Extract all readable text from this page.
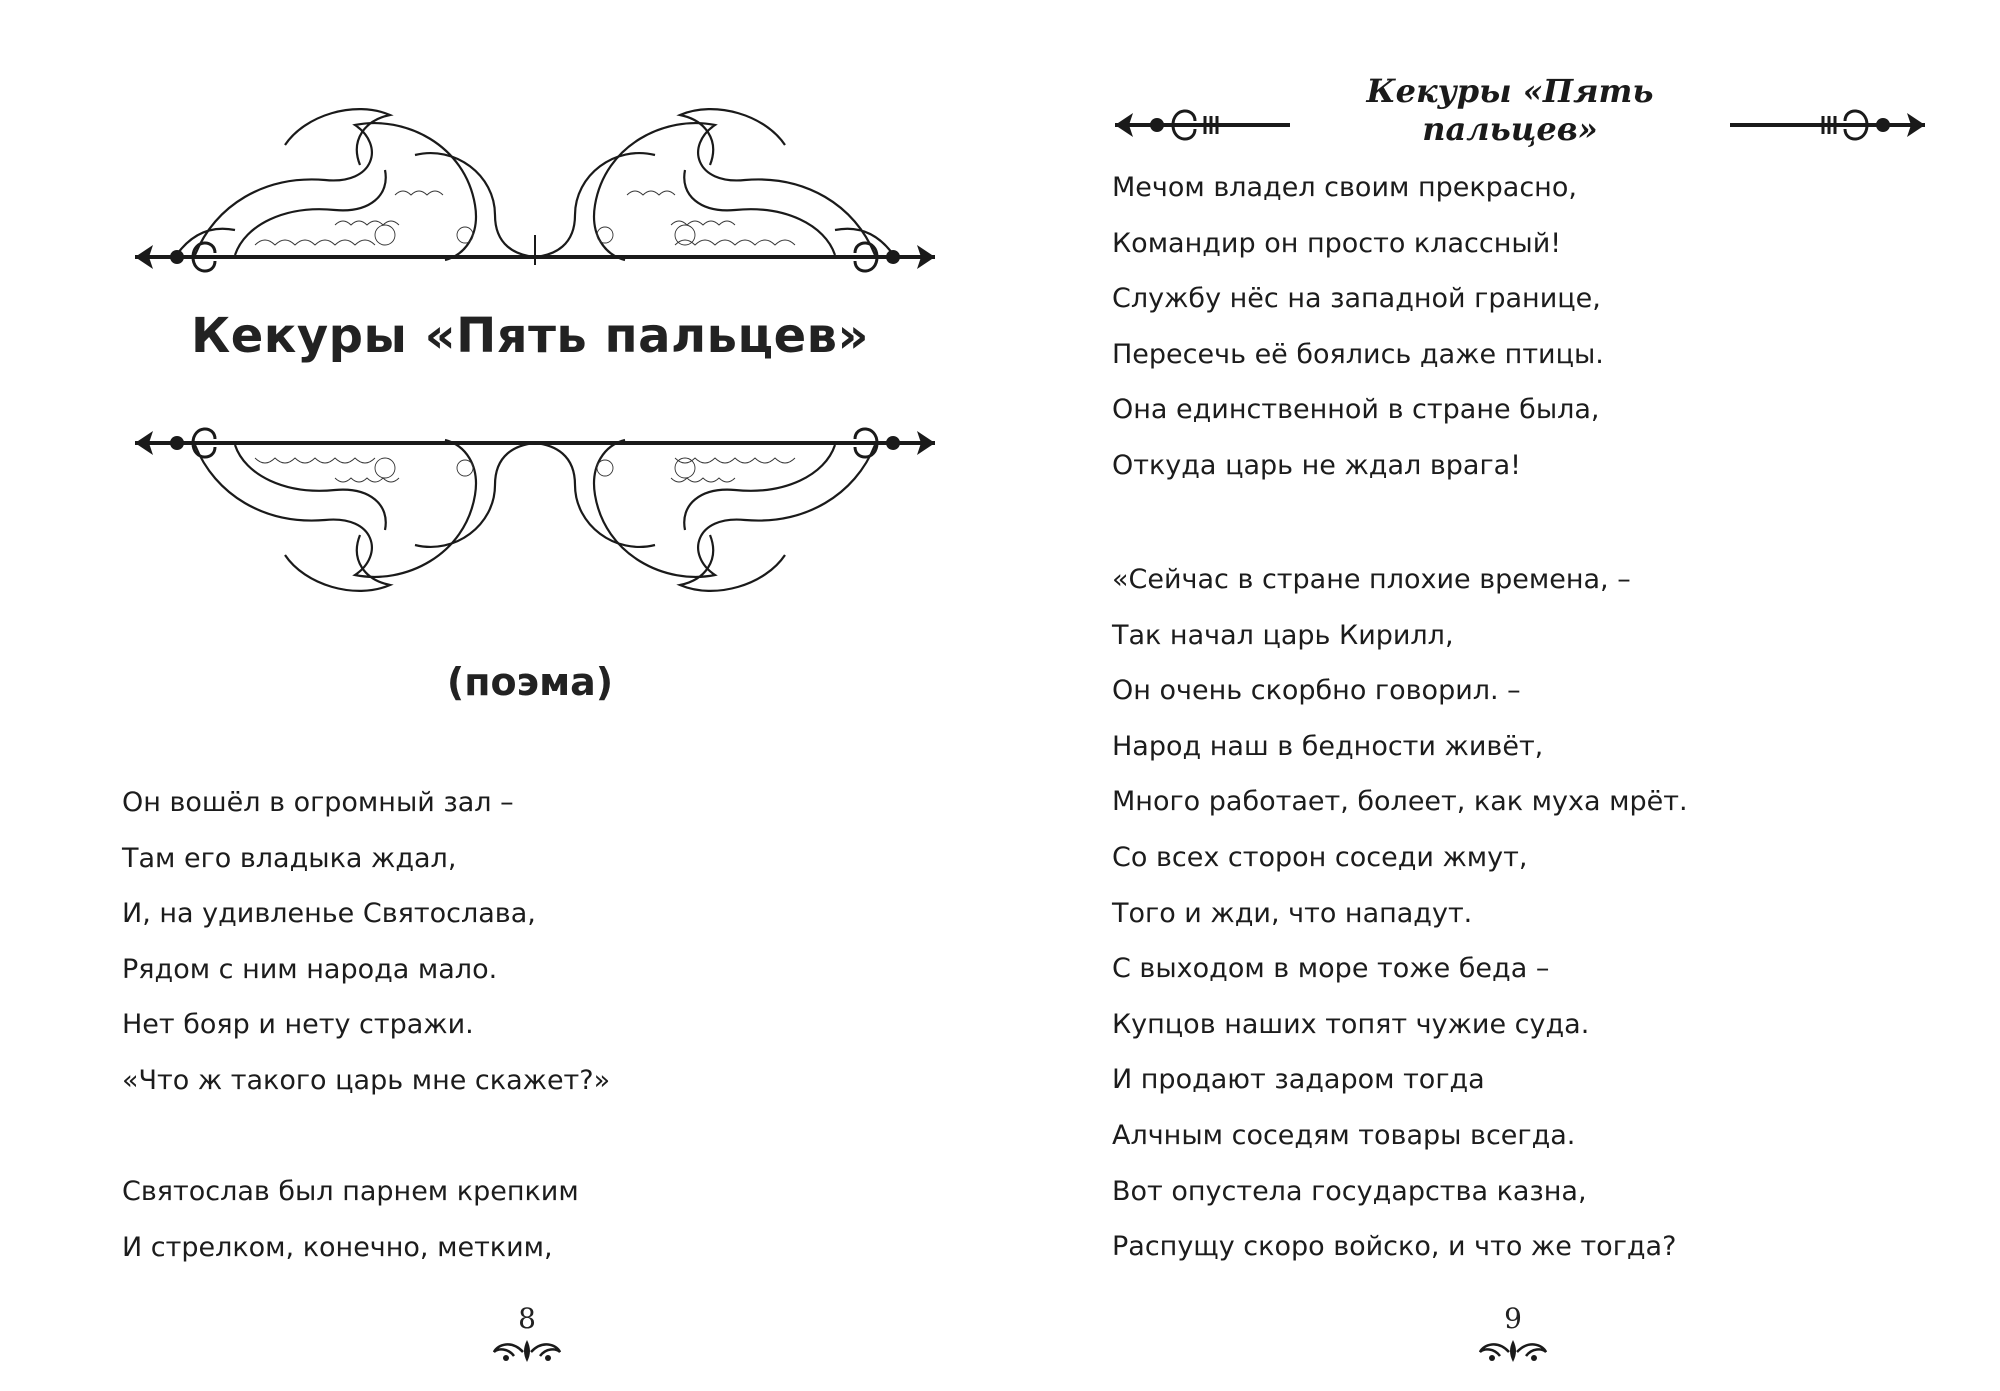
Кекуры «Пять пальцев»
(поэма)
Он вошёл в огромный зал –
Там его владыка ждал,
И, на удивленье Святослава,
Рядом с ним народа мало.
Нет бояр и нету стражи.
«Что ж такого царь мне скажет?»
Святослав был парнем крепким
И стрелком, конечно, метким,
8
Кекуры «Пять пальцев»
Мечом владел своим прекрасно,
Командир он просто классный!
Службу нёс на западной границе,
Пересечь её боялись даже птицы.
Она единственной в стране была,
Откуда царь не ждал врага!
«Сейчас в стране плохие времена, –
Так начал царь Кирилл,
Он очень скорбно говорил. –
Народ наш в бедности живёт,
Много работает, болеет, как муха мрёт.
Со всех сторон соседи жмут,
Того и жди, что нападут.
С выходом в море тоже беда –
Купцов наших топят чужие суда.
И продают задаром тогда
Алчным соседям товары всегда.
Вот опустела государства казна,
Распущу скоро войско, и что же тогда?
9
